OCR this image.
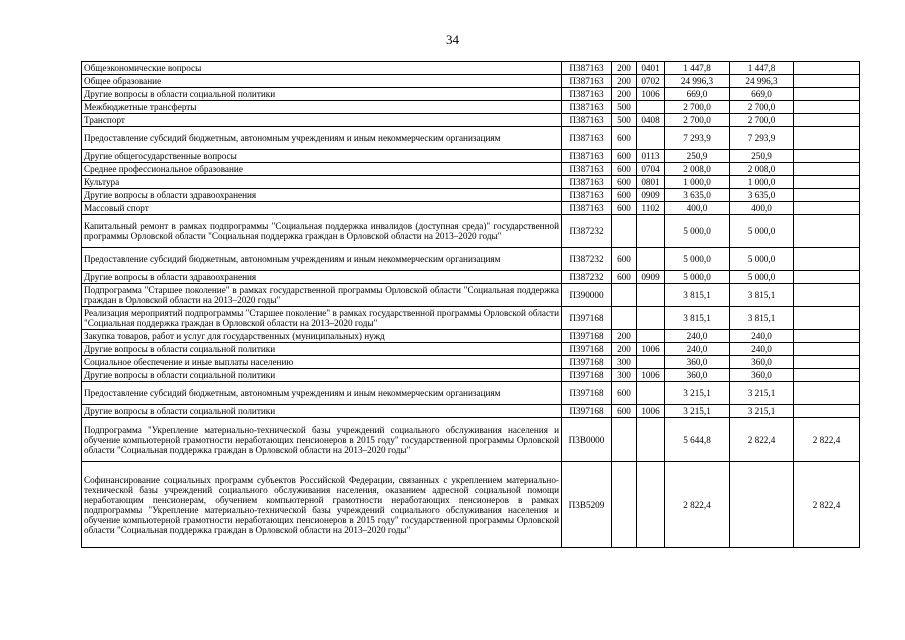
34
Общеэкономические вопросы	П387163	200	0401	1 447,8	1 447,8	
Общее образование	П387163	200	0702	24 996,3	24 996,3	
Другие вопросы в области социальной политики	П387163	200	1006	669,0	669,0	
Межбюджетные трансферты	П387163	500		2 700,0	2 700,0	
Транспорт	П387163	500	0408	2 700,0	2 700,0	
Предоставление субсидий бюджетным, автономным учреждениям и иным некоммерческим организациям	П387163	600		7 293,9	7 293,9	
Другие общегосударственные вопросы	П387163	600	0113	250,9	250,9	
Среднее профессиональное образование	П387163	600	0704	2 008,0	2 008,0	
Культура	П387163	600	0801	1 000,0	1 000,0	
Другие вопросы в области здравоохранения	П387163	600	0909	3 635,0	3 635,0	
Массовый спорт	П387163	600	1102	400,0	400,0	
Капитальный ремонт в рамках подпрограммы "Социальная поддержка инвалидов (доступная среда)" государственной программы Орловской области "Социальная поддержка граждан в Орловской области на 2013–2020 годы"	П387232			5 000,0	5 000,0	
Предоставление субсидий бюджетным, автономным учреждениям и иным некоммерческим организациям	П387232	600		5 000,0	5 000,0	
Другие вопросы в области здравоохранения	П387232	600	0909	5 000,0	5 000,0	
Подпрограмма "Старшее поколение" в рамках государственной программы Орловской области "Социальная поддержка граждан в Орловской области на 2013–2020 годы"	П390000			3 815,1	3 815,1	
Реализация мероприятий подпрограммы "Старшее поколение" в рамках государственной программы Орловской области "Социальная поддержка граждан в Орловской области на 2013–2020 годы"	П397168			3 815,1	3 815,1	
Закупка товаров, работ и услуг для государственных (муниципальных) нужд	П397168	200		240,0	240,0	
Другие вопросы в области социальной политики	П397168	200	1006	240,0	240,0	
Социальное обеспечение и иные выплаты населению	П397168	300		360,0	360,0	
Другие вопросы в области социальной политики	П397168	300	1006	360,0	360,0	
Предоставление субсидий бюджетным, автономным учреждениям и иным некоммерческим организациям	П397168	600		3 215,1	3 215,1	
Другие вопросы в области социальной политики	П397168	600	1006	3 215,1	3 215,1	
Подпрограмма "Укрепление материально-технической базы учреждений социального обслуживания населения и обучение компьютерной грамотности неработающих пенсионеров в 2015 году" государственной программы Орловской области "Социальная поддержка граждан в Орловской области на 2013–2020 годы"	П3В0000			5 644,8	2 822,4	2 822,4
Софинансирование социальных программ субъектов Российской Федерации, связанных с укреплением материально-технической базы учреждений социального обслуживания населения, оказанием адресной социальной помощи неработающим пенсионерам, обучением компьютерной грамотности неработающих пенсионеров в рамках подпрограммы "Укрепление материально-технической базы учреждений социального обслуживания населения и обучение компьютерной грамотности неработающих пенсионеров в 2015 году" государственной программы Орловской области "Социальная поддержка граждан в Орловской области на 2013–2020 годы"	П3В5209			2 822,4		2 822,4
